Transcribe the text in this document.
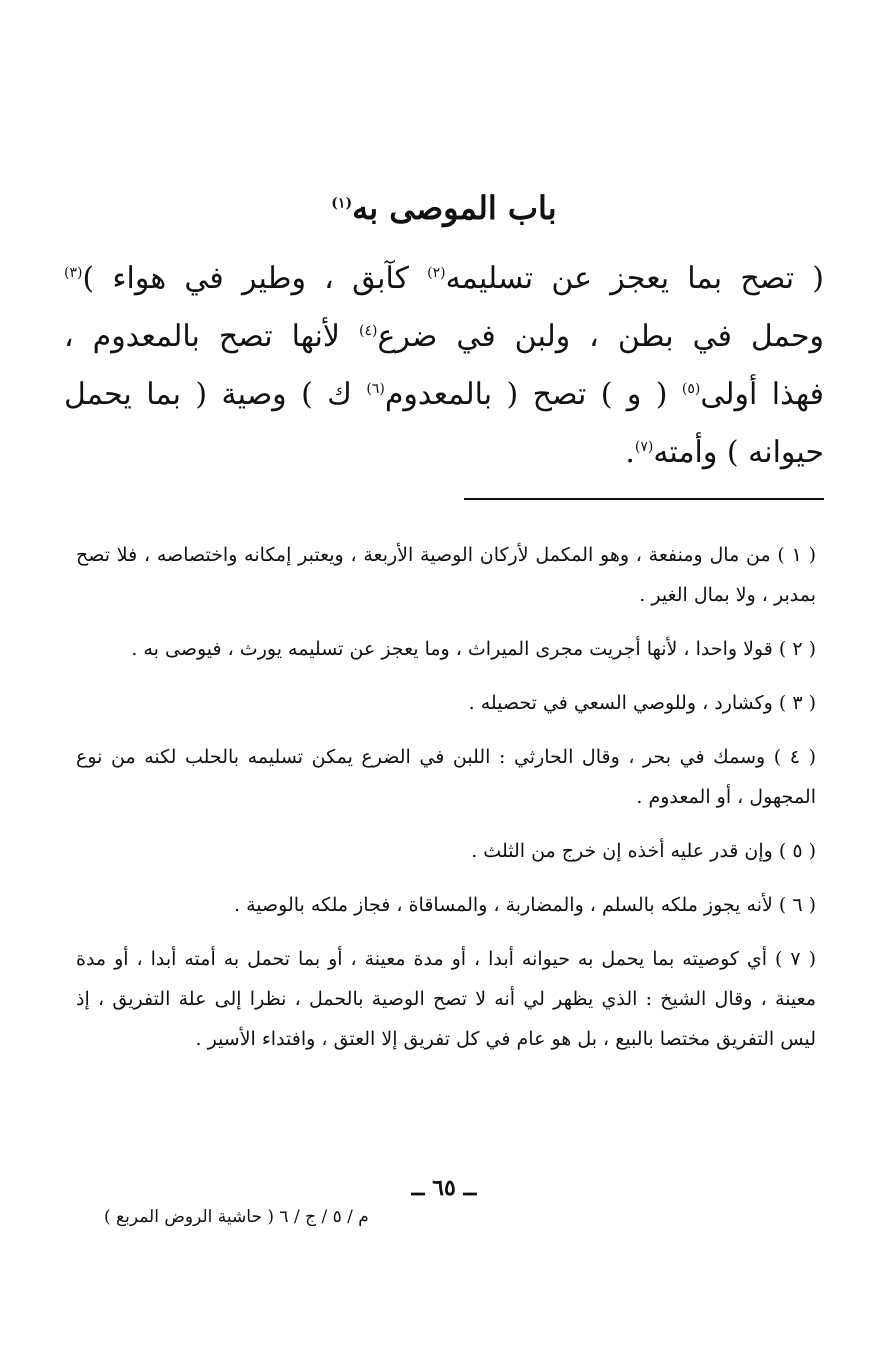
باب الموصى به$^{(١)}$
( تصح بما يعجز عن تسليمه$^{(٢)}$ كآبق ، وطير في هواء )$^{(٣)}$
وحمل في بطن ، ولبن في ضرع$^{(٤)}$ لأنها تصح بالمعدوم ،
فهذا أولى$^{(٥)}$ ( و ) تصح ( بالمعدوم$^{(٦)}$ ك ) وصية ( بما يحمل
حيوانه ) وأمته$^{(٧)}$.

( ١ ) من مال ومنفعة ، وهو المكمل لأركان الوصية الأربعة ، ويعتبر إمكانه واختصاصه ، فلا تصح بمدبر ، ولا بمال الغير .

( ٢ ) قولا واحدا ، لأنها أجريت مجرى الميراث ، وما يعجز عن تسليمه يورث ، فيوصى به .

( ٣ ) وكشارد ، وللوصي السعي في تحصيله .

( ٤ ) وسمك في بحر ، وقال الحارثي : اللبن في الضرع يمكن تسليمه بالحلب لكنه من نوع المجهول ، أو المعدوم .

( ٥ ) وإن قدر عليه أخذه إن خرج من الثلث .

( ٦ ) لأنه يجوز ملكه بالسلم ، والمضاربة ، والمساقاة ، فجاز ملكه بالوصية .

( ٧ ) أي كوصيته بما يحمل به حيوانه أبدا ، أو مدة معينة ، أو بما تحمل به أمته أبدا ، أو مدة معينة ، وقال الشيخ : الذي يظهر لي أنه لا تصح الوصية بالحمل ، نظرا إلى علة التفريق ، إذ ليس التفريق مختصا بالبيع ، بل هو عام في كل تفريق إلا العتق ، وافتداء الأسير .

ــ ٦٥ ــ
م / ٥ / ج / ٦ ( حاشية الروض المربع )
